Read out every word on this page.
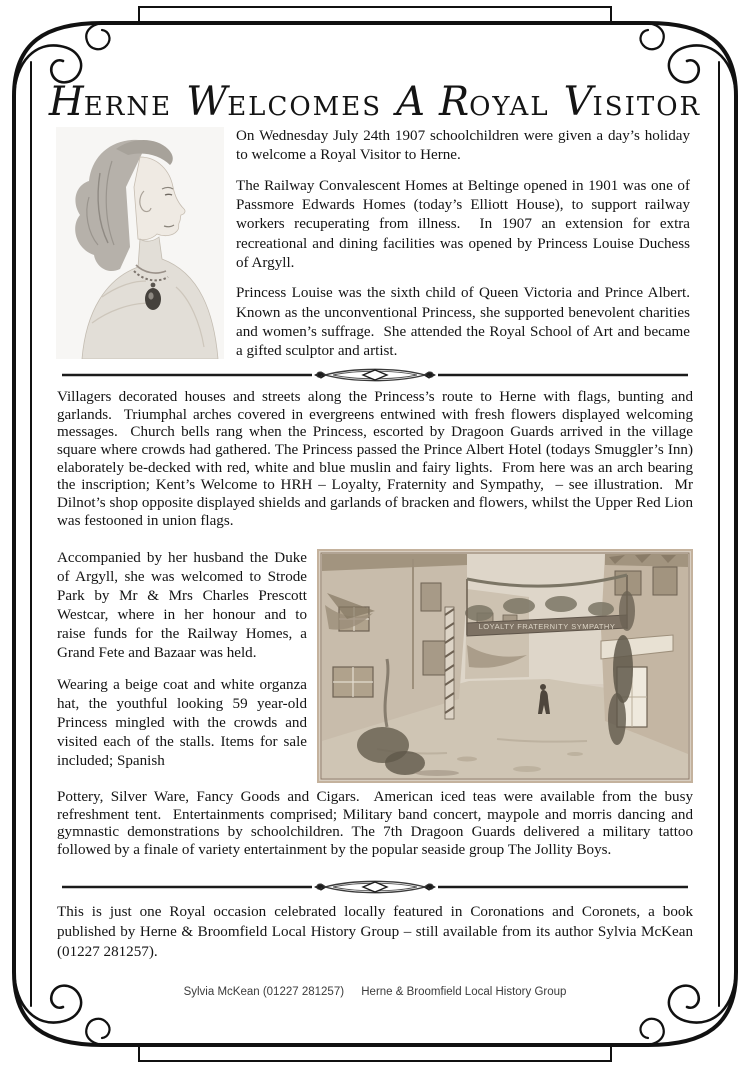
HERNE WELCOMES A ROYAL VISITOR

On Wednesday July 24th 1907 schoolchildren were given a day’s holiday to welcome a Royal Visitor to Herne.

The Railway Convalescent Homes at Beltinge opened in 1901 was one of Passmore Edwards Homes (today’s Elliott House), to support railway workers recuperating from illness.  In 1907 an extension for extra recreational and dining facilities was opened by Princess Louise Duchess of Argyll.

Princess Louise was the sixth child of Queen Victoria and Prince Albert. Known as the unconventional Princess, she supported benevolent charities and women’s suffrage.  She attended the Royal School of Art and became a gifted sculptor and artist.

Villagers decorated houses and streets along the Princess’s route to Herne with flags, bunting and garlands.  Triumphal arches covered in evergreens entwined with fresh flowers displayed welcoming messages.  Church bells rang when the Princess, escorted by Dragoon Guards arrived in the village square where crowds had gathered. The Princess passed the Prince Albert Hotel (todays Smuggler’s Inn) elaborately be-decked with red, white and blue muslin and fairy lights.  From here was an arch bearing the inscription; Kent’s Welcome to HRH – Loyalty, Fraternity and Sympathy,  – see illustration.  Mr Dilnot’s shop opposite displayed shields and garlands of bracken and flowers, whilst the Upper Red Lion was festooned in union flags.

Accompanied by her husband the Duke of Argyll, she was welcomed to Strode Park by Mr & Mrs Charles Prescott Westcar, where in her honour and to raise funds for the Railway Homes, a Grand Fete and Bazaar was held.

Wearing a beige coat and white organza hat, the youthful looking 59 year-old Princess mingled with the crowds and visited each of the stalls. Items for sale included; Spanish

LOYALTY FRATERNITY SYMPATHY

Pottery, Silver Ware, Fancy Goods and Cigars.  American iced teas were available from the busy refreshment tent.  Entertainments comprised; Military band concert, maypole and morris dancing and gymnastic demonstrations by schoolchildren. The 7th Dragoon Guards delivered a military tattoo followed by a finale of variety entertainment by the popular seaside group The Jollity Boys.

This is just one Royal occasion celebrated locally featured in Coronations and Coronets, a book published by Herne & Broomfield Local History Group – still available from its author Sylvia McKean (01227 281257).

Sylvia McKean (01227 281257) Herne & Broomfield Local History Group
